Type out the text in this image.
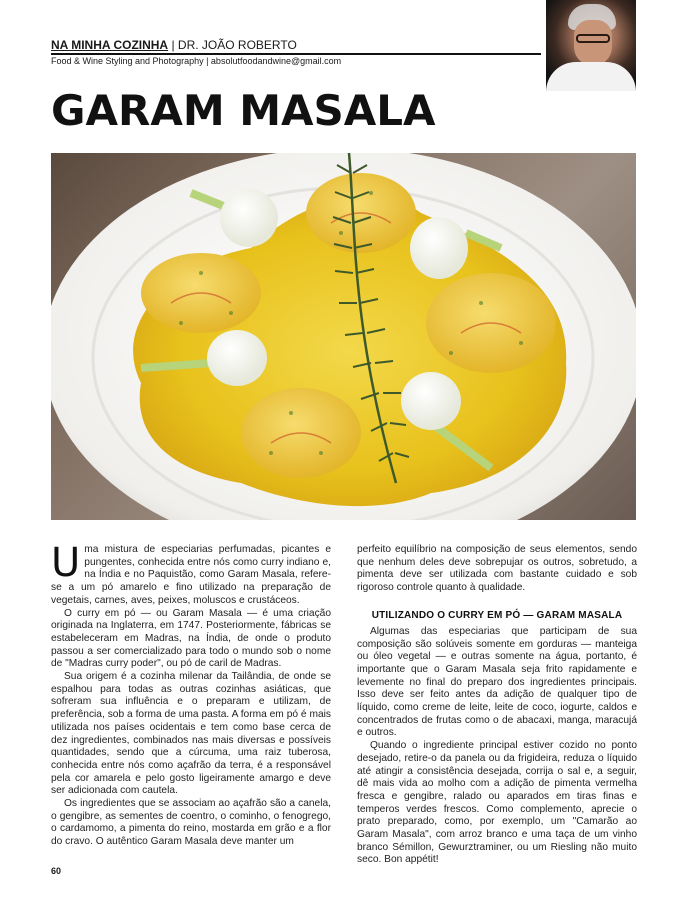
NA MINHA COZINHA | DR. JOÃO ROBERTO
Food & Wine Styling and Photography | absolutfoodandwine@gmail.com
GARAM MASALA

Uma mistura de especiarias perfumadas, picantes e pungentes, conhecida entre nós como curry indiano e, na Índia e no Paquistão, como Garam Masala, refere-se a um pó amarelo e fino utilizado na preparação de vegetais, carnes, aves, peixes, moluscos e crustáceos.

O curry em pó — ou Garam Masala — é uma criação originada na Inglaterra, em 1747. Posteriormente, fábricas se estabeleceram em Madras, na Índia, de onde o produto passou a ser comercializado para todo o mundo sob o nome de "Madras curry poder", ou pó de caril de Madras.

Sua origem é a cozinha milenar da Tailândia, de onde se espalhou para todas as outras cozinhas asiáticas, que sofreram sua influência e o preparam e utilizam, de preferência, sob a forma de uma pasta. A forma em pó é mais utilizada nos países ocidentais e tem como base cerca de dez ingredientes, combinados nas mais diversas e possíveis quantidades, sendo que a cúrcuma, uma raiz tuberosa, conhecida entre nós como açafrão da terra, é a responsável pela cor amarela e pelo gosto ligeiramente amargo e deve ser adicionada com cautela.

Os ingredientes que se associam ao açafrão são a canela, o gengibre, as sementes de coentro, o cominho, o fenogrego, o cardamomo, a pimenta do reino, mostarda em grão e a flor do cravo. O autêntico Garam Masala deve manter um

perfeito equilíbrio na composição de seus elementos, sendo que nenhum deles deve sobrepujar os outros, sobretudo, a pimenta deve ser utilizada com bastante cuidado e sob rigoroso controle quanto à qualidade.

UTILIZANDO O CURRY EM PÓ — GARAM MASALA

Algumas das especiarias que participam de sua composição são solúveis somente em gorduras — manteiga ou óleo vegetal — e outras somente na água, portanto, é importante que o Garam Masala seja frito rapidamente e levemente no final do preparo dos ingredientes principais. Isso deve ser feito antes da adição de qualquer tipo de líquido, como creme de leite, leite de coco, iogurte, caldos e concentrados de frutas como o de abacaxi, manga, maracujá e outros.

Quando o ingrediente principal estiver cozido no ponto desejado, retire-o da panela ou da frigideira, reduza o líquido até atingir a consistência desejada, corrija o sal e, a seguir, dê mais vida ao molho com a adição de pimenta vermelha fresca e gengibre, ralado ou aparados em tiras finas e temperos verdes frescos. Como complemento, aprecie o prato preparado, como, por exemplo, um "Camarão ao Garam Masala", com arroz branco e uma taça de um vinho branco Sémillon, Gewurztraminer, ou um Riesling não muito seco. Bon appétit!

60
